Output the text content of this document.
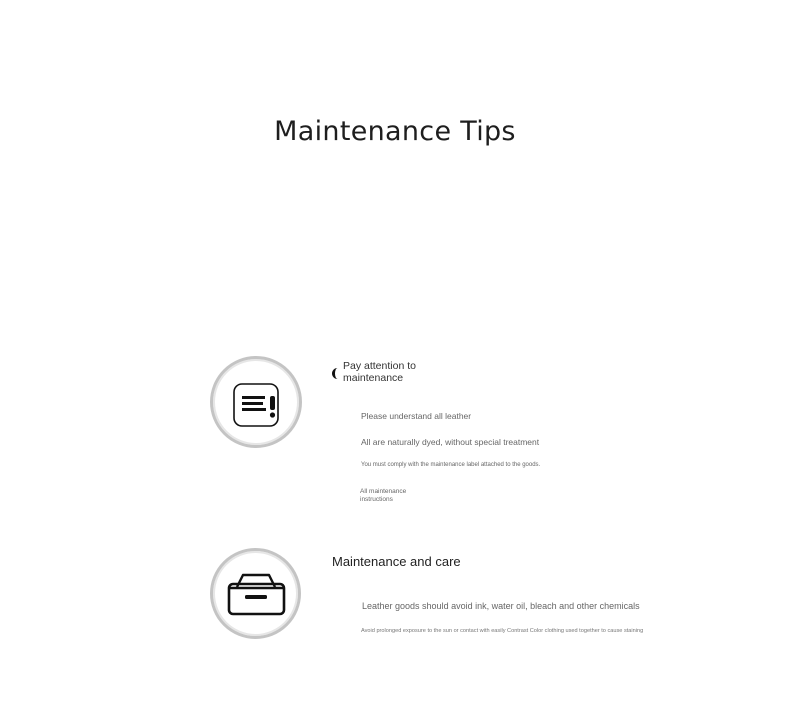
Maintenance Tips
Pay attention to maintenance
Please understand all leather
All are naturally dyed, without special treatment
You must comply with the maintenance label attached to the goods.
All maintenance instructions
Maintenance and care
Leather goods should avoid ink, water oil, bleach and other chemicals
Avoid prolonged exposure to the sun or contact with easily Contrast Color clothing used together to cause staining
